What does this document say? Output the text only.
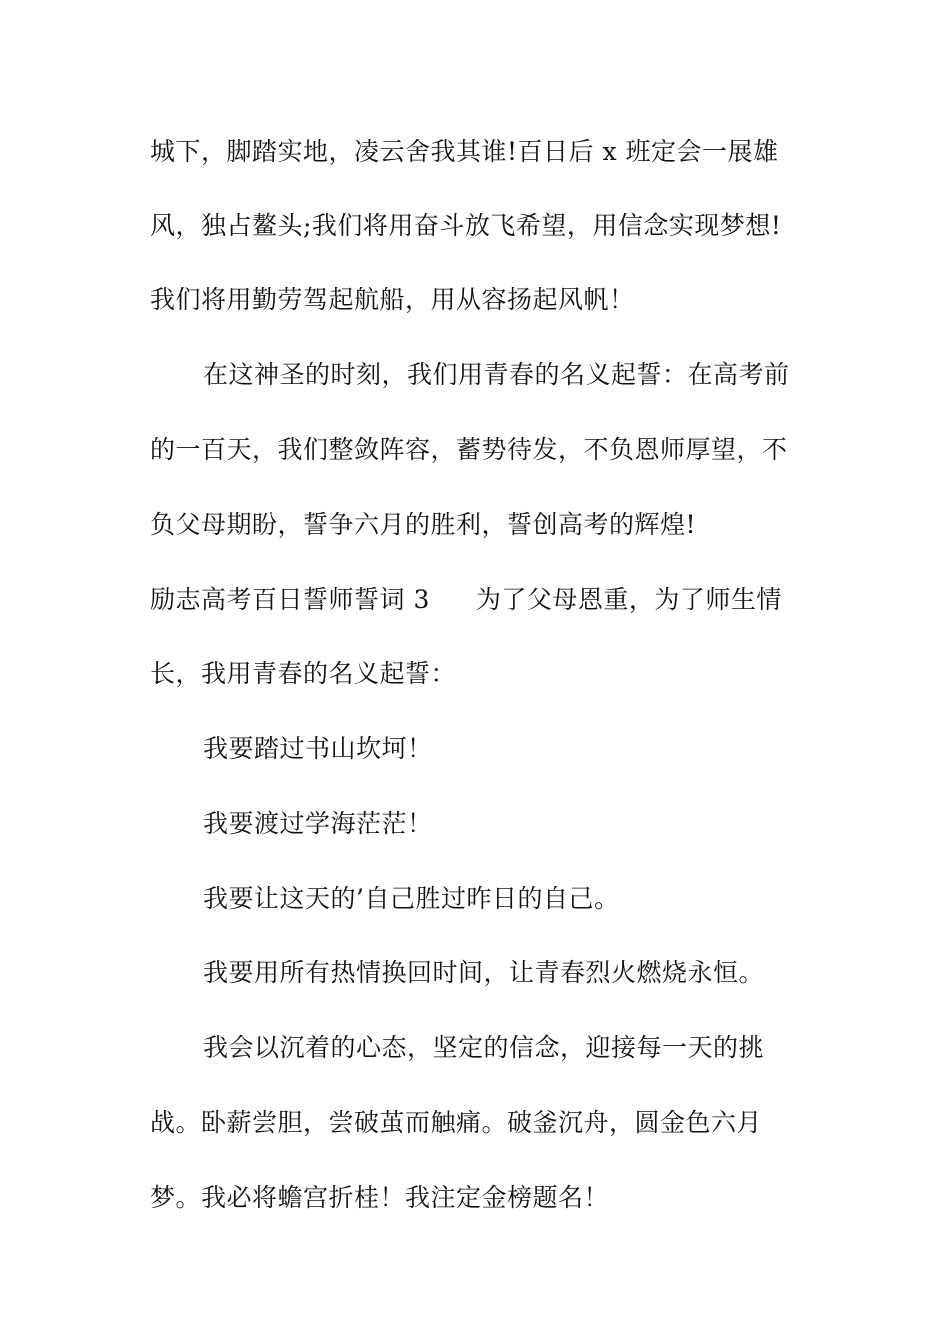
城下，脚踏实地，凌云舍我其谁!百日后 x 班定会一展雄
风，独占鳌头;我们将用奋斗放飞希望，用信念实现梦想!
我们将用勤劳驾起航船，用从容扬起风帆！
在这神圣的时刻，我们用青春的名义起誓：在高考前
的一百天，我们整敛阵容，蓄势待发，不负恩师厚望，不
负父母期盼，誓争六月的胜利，誓创高考的辉煌!
励志高考百日誓师誓词 3 为了父母恩重，为了师生情
长，我用青春的名义起誓：
我要踏过书山坎坷！
我要渡过学海茫茫！
我要让这天的’自己胜过昨日的自己。
我要用所有热情换回时间，让青春烈火燃烧永恒。
我会以沉着的心态，坚定的信念，迎接每一天的挑
战。卧薪尝胆，尝破茧而触痛。破釜沉舟，圆金色六月
梦。我必将蟾宫折桂！我注定金榜题名！
